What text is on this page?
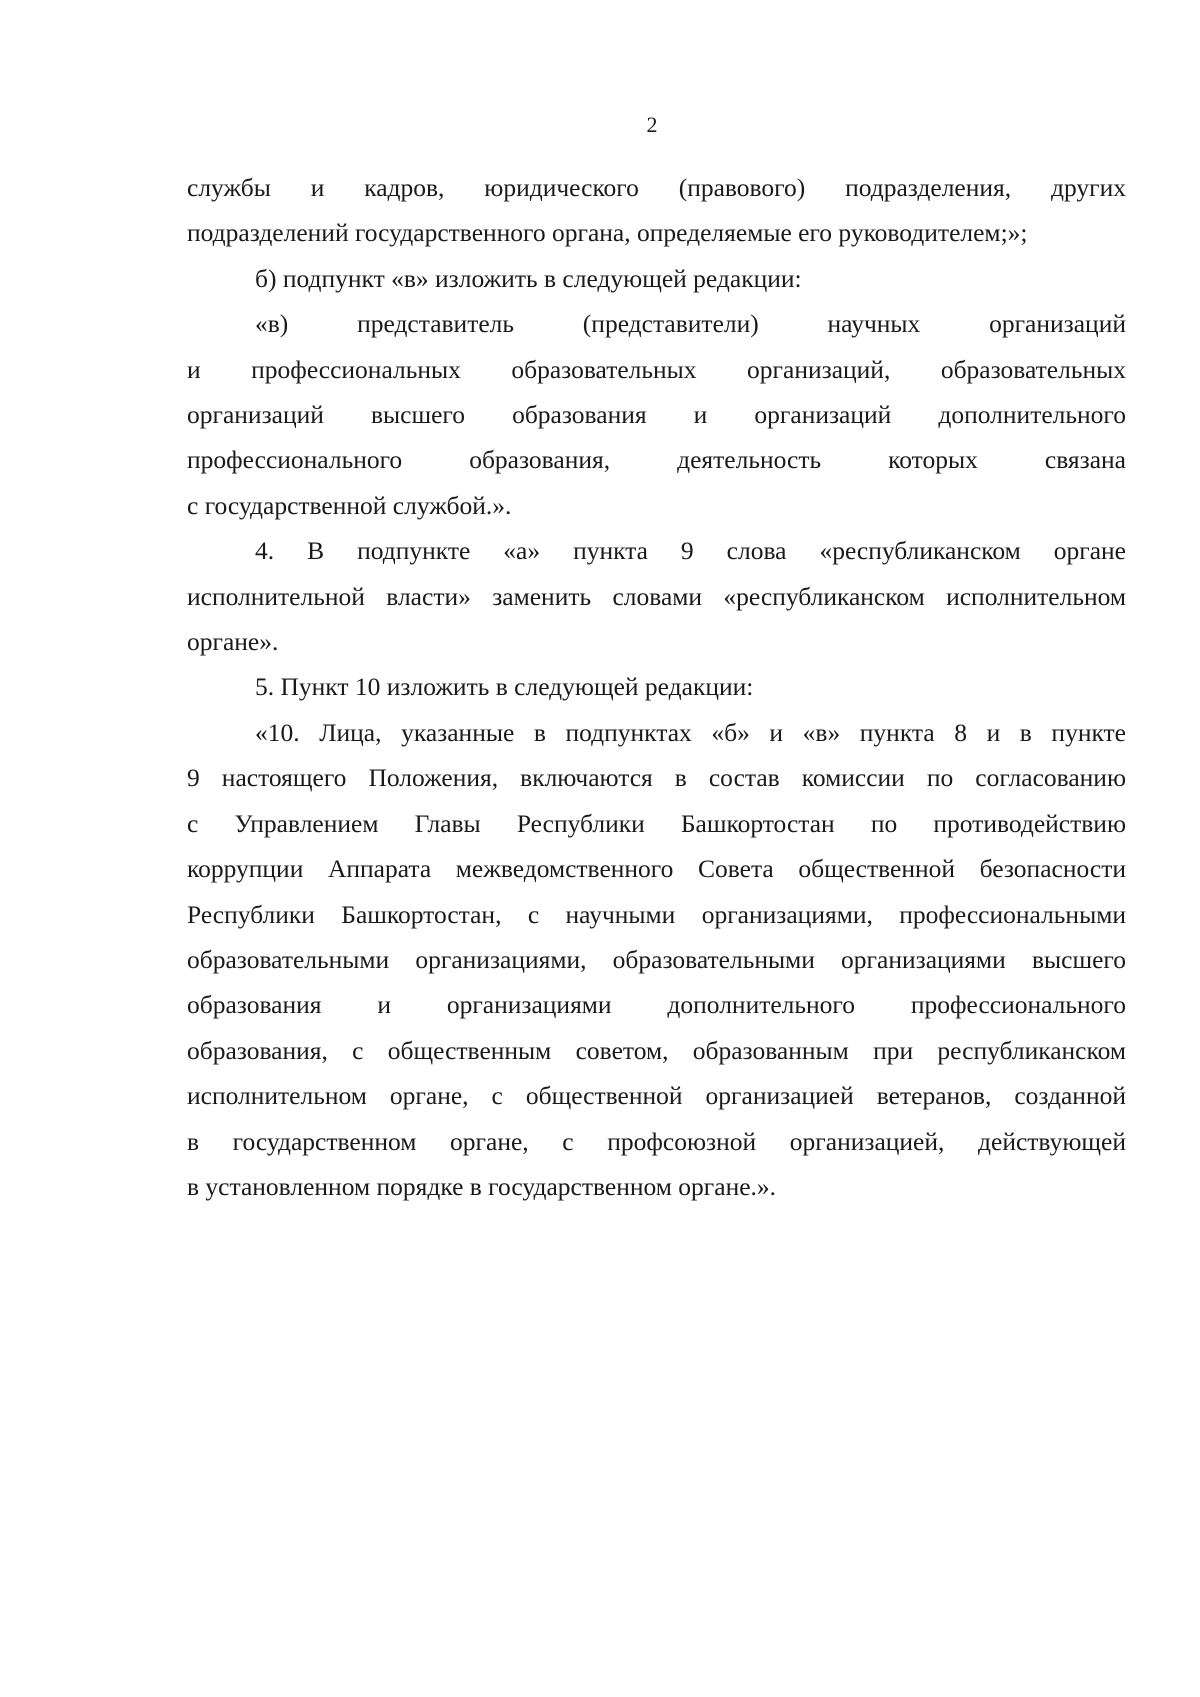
2
службы и кадров, юридического (правового) подразделения, других
подразделений государственного органа, определяемые его руководителем;»;
б) подпункт «в» изложить в следующей редакции:
«в) представитель (представители) научных организаций
и профессиональных образовательных организаций, образовательных
организаций высшего образования и организаций дополнительного
профессионального образования, деятельность которых связана
с государственной службой.».
4. В подпункте «а» пункта 9 слова «республиканском органе
исполнительной власти» заменить словами «республиканском исполнительном
органе».
5. Пункт 10 изложить в следующей редакции:
«10. Лица, указанные в подпунктах «б» и «в» пункта 8 и в пункте
9 настоящего Положения, включаются в состав комиссии по согласованию
с Управлением Главы Республики Башкортостан по противодействию
коррупции Аппарата межведомственного Совета общественной безопасности
Республики Башкортостан, с научными организациями, профессиональными
образовательными организациями, образовательными организациями высшего
образования и организациями дополнительного профессионального
образования, с общественным советом, образованным при республиканском
исполнительном органе, с общественной организацией ветеранов, созданной
в государственном органе, с профсоюзной организацией, действующей
в установленном порядке в государственном органе.».
